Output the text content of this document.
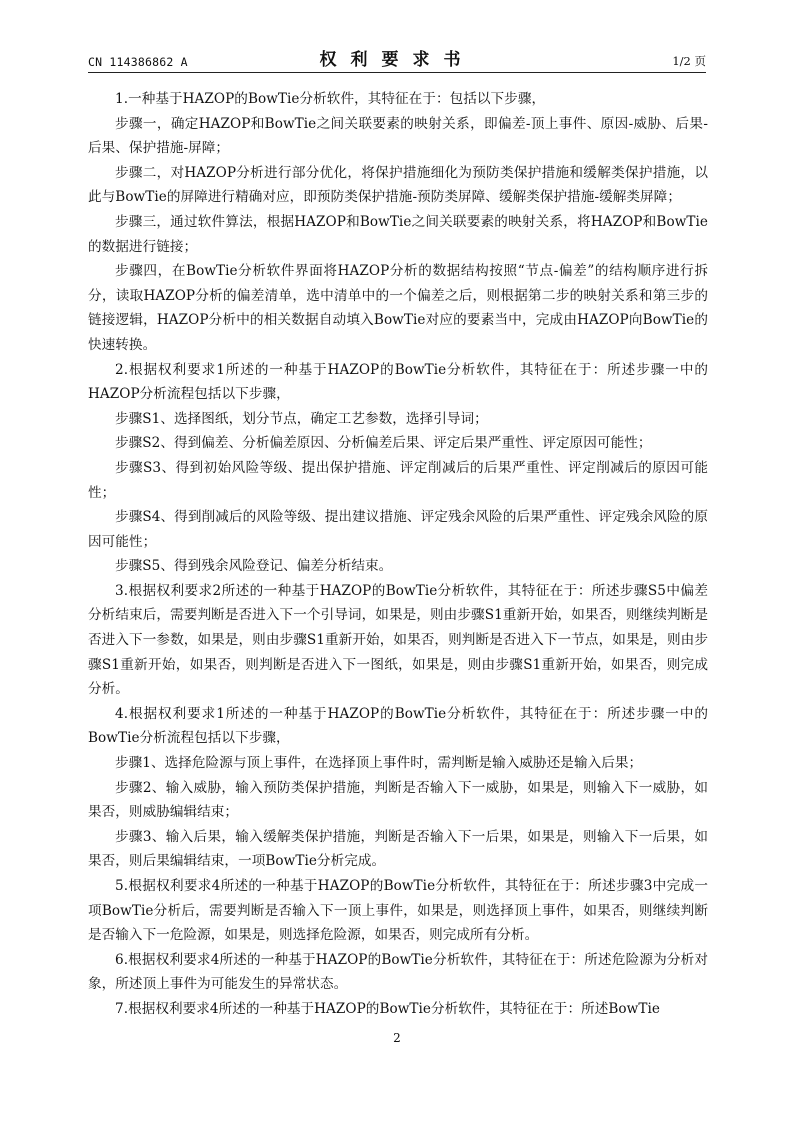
CN 114386862 A	权利要求书	1/2 页

1.一种基于HAZOP的BowTie分析软件，其特征在于：包括以下步骤，

步骤一，确定HAZOP和BowTie之间关联要素的映射关系，即偏差-顶上事件、原因-威胁、后果-后果、保护措施-屏障；

步骤二，对HAZOP分析进行部分优化，将保护措施细化为预防类保护措施和缓解类保护措施，以此与BowTie的屏障进行精确对应，即预防类保护措施-预防类屏障、缓解类保护措施-缓解类屏障；

步骤三，通过软件算法，根据HAZOP和BowTie之间关联要素的映射关系，将HAZOP和BowTie的数据进行链接；

步骤四，在BowTie分析软件界面将HAZOP分析的数据结构按照“节点-偏差”的结构顺序进行拆分，读取HAZOP分析的偏差清单，选中清单中的一个偏差之后，则根据第二步的映射关系和第三步的链接逻辑，HAZOP分析中的相关数据自动填入BowTie对应的要素当中，完成由HAZOP向BowTie的快速转换。

2.根据权利要求1所述的一种基于HAZOP的BowTie分析软件，其特征在于：所述步骤一中的HAZOP分析流程包括以下步骤，

步骤S1、选择图纸，划分节点，确定工艺参数，选择引导词；

步骤S2、得到偏差、分析偏差原因、分析偏差后果、评定后果严重性、评定原因可能性；

步骤S3、得到初始风险等级、提出保护措施、评定削减后的后果严重性、评定削减后的原因可能性；

步骤S4、得到削减后的风险等级、提出建议措施、评定残余风险的后果严重性、评定残余风险的原因可能性；

步骤S5、得到残余风险登记、偏差分析结束。

3.根据权利要求2所述的一种基于HAZOP的BowTie分析软件，其特征在于：所述步骤S5中偏差分析结束后，需要判断是否进入下一个引导词，如果是，则由步骤S1重新开始，如果否，则继续判断是否进入下一参数，如果是，则由步骤S1重新开始，如果否，则判断是否进入下一节点，如果是，则由步骤S1重新开始，如果否，则判断是否进入下一图纸，如果是，则由步骤S1重新开始，如果否，则完成分析。

4.根据权利要求1所述的一种基于HAZOP的BowTie分析软件，其特征在于：所述步骤一中的BowTie分析流程包括以下步骤，

步骤1、选择危险源与顶上事件，在选择顶上事件时，需判断是输入威胁还是输入后果；

步骤2、输入威胁，输入预防类保护措施，判断是否输入下一威胁，如果是，则输入下一威胁，如果否，则威胁编辑结束；

步骤3、输入后果，输入缓解类保护措施，判断是否输入下一后果，如果是，则输入下一后果，如果否，则后果编辑结束，一项BowTie分析完成。

5.根据权利要求4所述的一种基于HAZOP的BowTie分析软件，其特征在于：所述步骤3中完成一项BowTie分析后，需要判断是否输入下一顶上事件，如果是，则选择顶上事件，如果否，则继续判断是否输入下一危险源，如果是，则选择危险源，如果否，则完成所有分析。

6.根据权利要求4所述的一种基于HAZOP的BowTie分析软件，其特征在于：所述危险源为分析对象，所述顶上事件为可能发生的异常状态。

7.根据权利要求4所述的一种基于HAZOP的BowTie分析软件，其特征在于：所述BowTie

2
